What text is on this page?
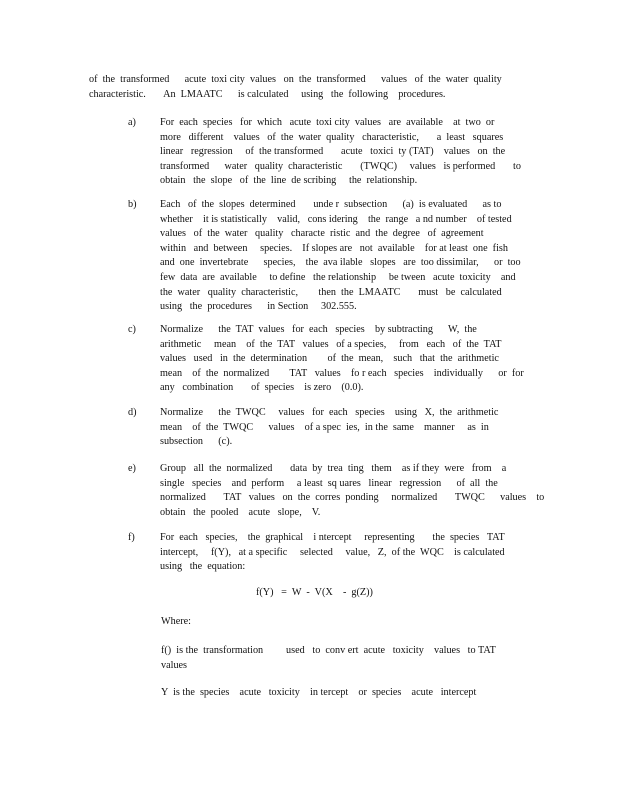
of  the  transformed      acute  toxi city  values   on  the  transformed      values   of  the  water  quality
characteristic.       An  LMAATC      is calculated     using   the  following    procedures.
a)	For  each  species   for  which   acute  toxi city  values   are  available    at  two  or
more   different    values   of  the  water  quality   characteristic,       a  least   squares
linear   regression     of  the transformed       acute   toxici  ty (TAT)    values   on  the
transformed      water   quality  characteristic       (TWQC)     values   is performed       to
obtain   the  slope   of  the  line  de scribing     the  relationship.
b)	Each   of  the  slopes  determined       unde r  subsection      (a)  is evaluated      as to
whether    it is statistically    valid,   cons idering    the  range   a nd number    of tested
values   of  the  water   quality   characte  ristic  and  the  degree   of  agreement
within   and  between     species.    If slopes are   not  available    for at least  one  fish
and  one  invertebrate      species,    the  ava ilable   slopes   are  too dissimilar,      or  too
few  data  are  available     to define   the relationship     be tween   acute  toxicity    and
the  water   quality  characteristic,        then  the  LMAATC       must   be  calculated
using   the  procedures      in Section     302.555.
c)	Normalize      the  TAT  values   for  each   species    by subtracting      W,  the
arithmetic     mean    of  the  TAT   values   of a species,     from   each   of  the  TAT
values   used   in  the  determination        of  the  mean,    such   that  the  arithmetic
mean    of  the  normalized        TAT   values    fo r each   species    individually      or  for
any   combination       of  species    is zero    (0.0).
d)	Normalize      the  TWQC     values   for  each   species    using   X,  the  arithmetic
mean    of  the  TWQC      values    of a spec  ies,  in the  same    manner     as  in
subsection      (c).
e)	Group   all  the  normalized       data  by  trea  ting   them    as if they  were   from    a
single   species    and  perform     a least  sq uares   linear   regression      of  all  the
normalized       TAT   values   on  the  corres  ponding     normalized       TWQC      values    to
obtain   the  pooled    acute   slope,    V.
f)	For  each   species,    the  graphical    i ntercept     representing       the  species   TAT
intercept,     f(Y),   at a specific     selected     value,   Z,  of the  WQC    is calculated
using   the  equation:
f(Y)   =  W  -  V(X    -  g(Z))
Where:
f()  is the  transformation         used   to  conv ert  acute   toxicity    values   to TAT
values
Y  is the  species    acute   toxicity    in tercept    or  species    acute   intercept
